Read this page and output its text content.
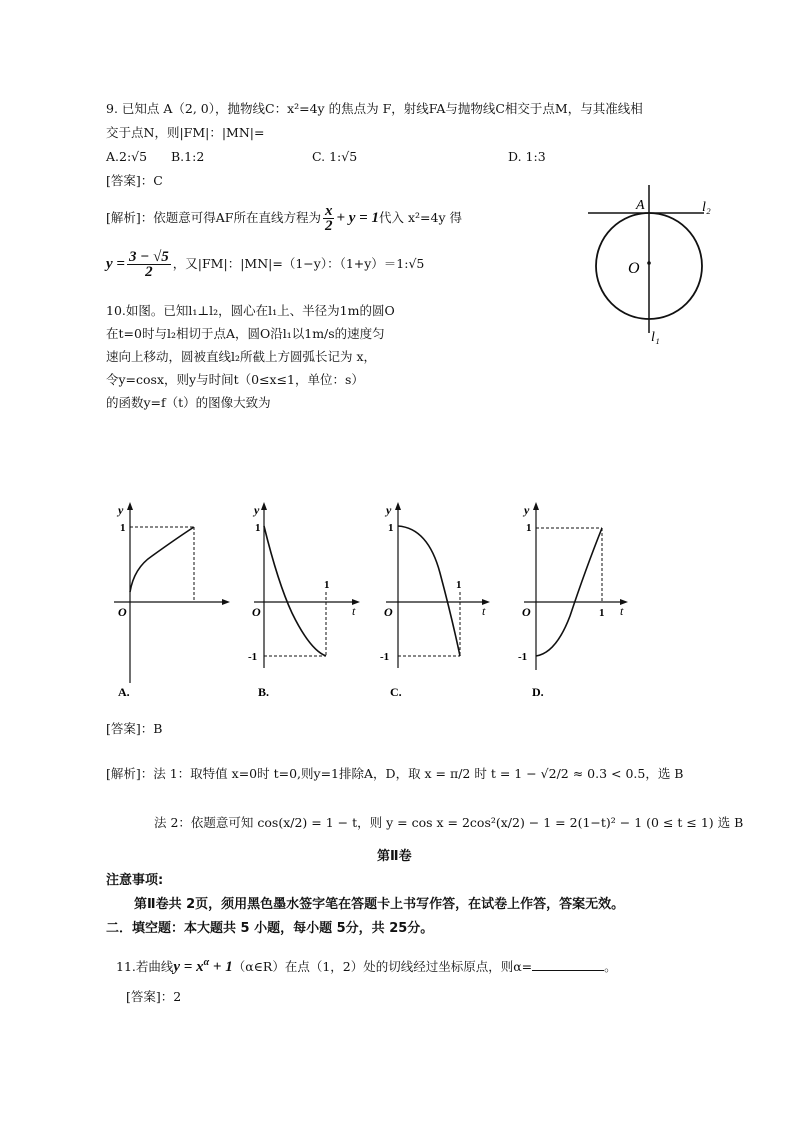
9. 已知点 A（2, 0），抛物线C：x²=4y 的焦点为 F，射线FA与抛物线C相交于点M，与其准线相
交于点N，则|FM|：|MN|=
A.2:√5 B.1:2	C. 1:√5	D. 1:3
[答案]：C
[解析]：依题意可得AF所在直线方程为 $\frac{x}{2} + y = 1$代入 x²=4y 得
$y = \frac{3 - √5}{2}$ ，又|FM|：|MN|=（1−y）：（1+y）＝1:√5
A	l₂
O
l₁
10.如图。已知l₁⊥l₂，圆心在l₁上、半径为1m的圆O
在t=0时与l₂相切于点A，圆O沿l₁以1m/s的速度匀
速向上移动，圆被直线l₂所截上方圆弧长记为 x，
令y=cosx，则y与时间t（0≤x≤1，单位：s）
的函数y=f（t）的图像大致为
y
1
O
A.
y
1
1
t
O
-1
B.
y
1
1
t
O
-1
C.
y
1
1 t
O
-1
D.
[答案]：B
[解析]：法 1：取特值 x=0时 t=0,则y=1排除A，D，取 x = π/2 时 t = 1 − √2/2 ≈ 0.3 < 0.5，选 B
法 2：依题意可知 cos(x/2) = 1 − t，则 y = cos x = 2cos²(x/2) − 1 = 2(1−t)² − 1 (0 ≤ t ≤ 1) 选 B
第Ⅱ卷
注意事项:
第Ⅱ卷共 2页，须用黑色墨水签字笔在答题卡上书写作答，在试卷上作答，答案无效。
二．填空题：本大题共 5 小题，每小题 5分，共 25分。
11.若曲线$y = x^\alpha$ + 1（α∈R）在点（1，2）处的切线经过坐标原点，则α=	。
[答案]：2
